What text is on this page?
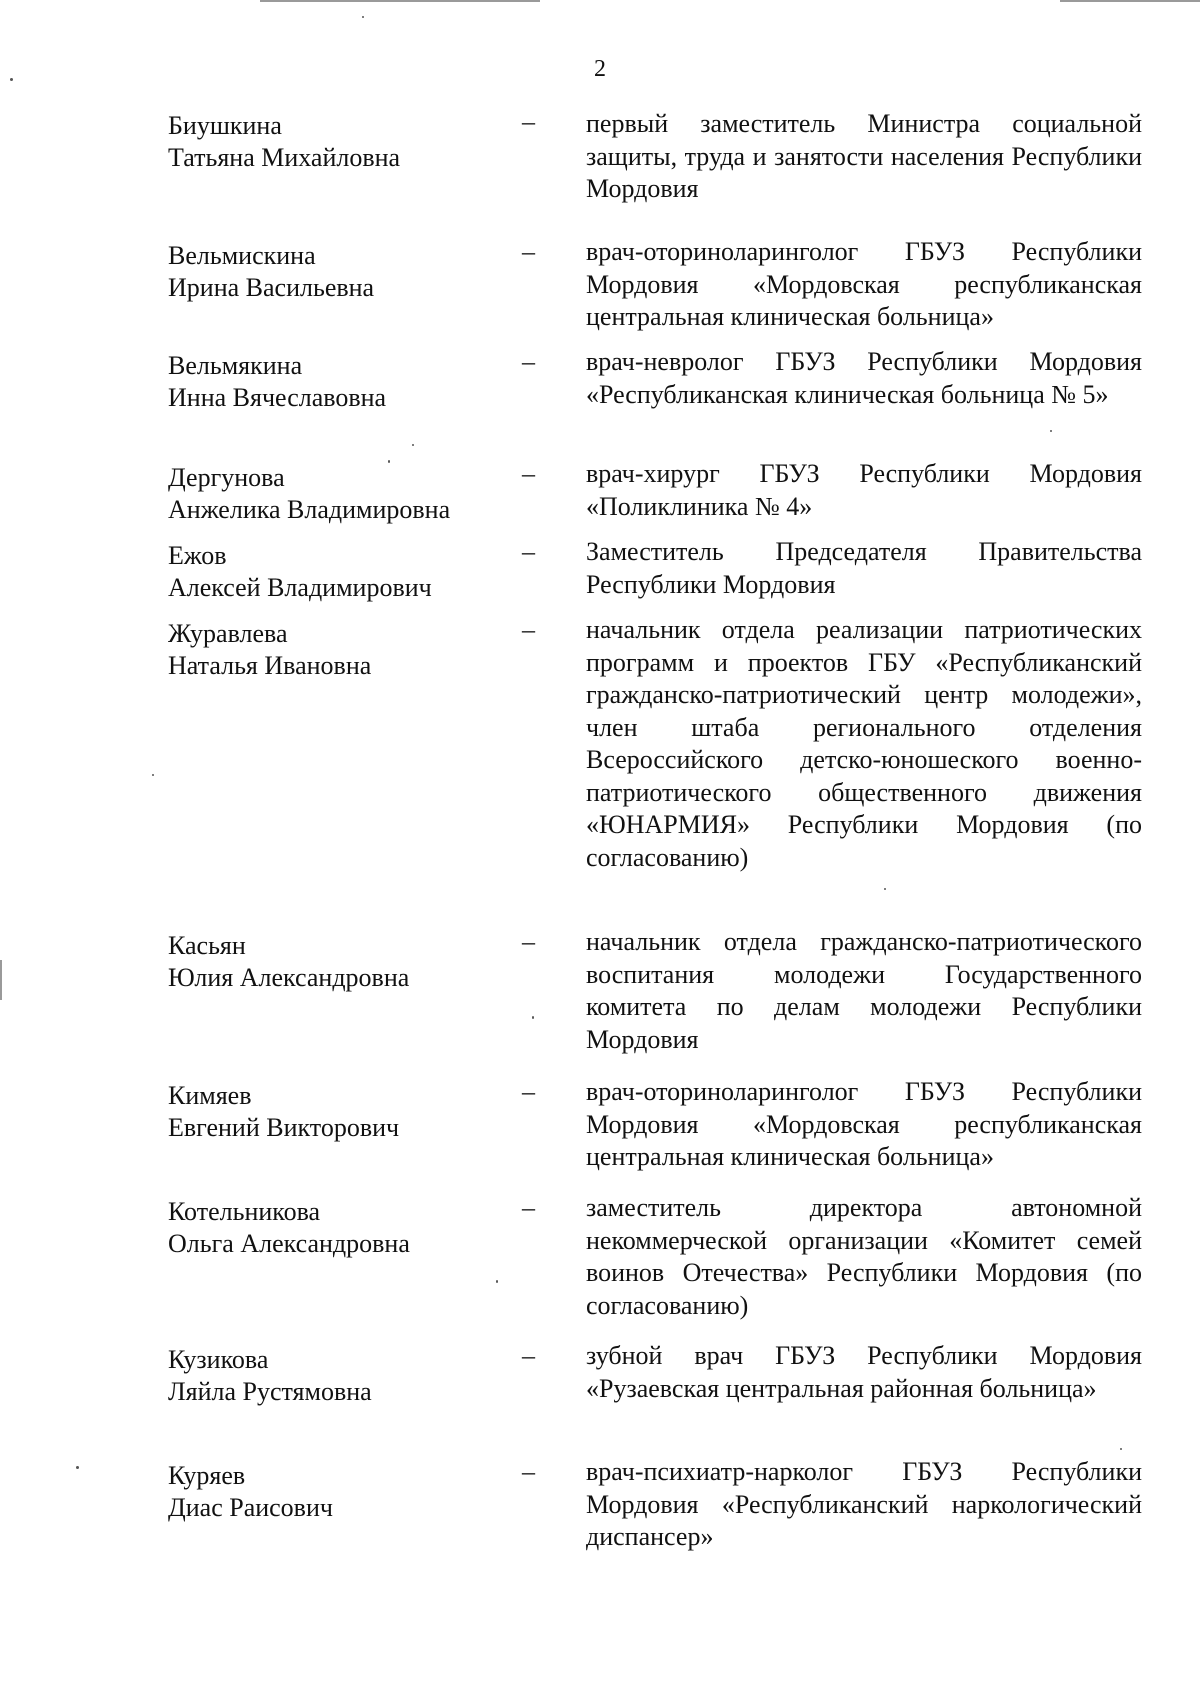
2
Биушкина
Татьяна Михайловна
– первый заместитель Министра социальной защиты, труда и занятости населения Республики Мордовия
Вельмискина
Ирина Васильевна
– врач-оториноларинголог ГБУЗ Республики Мордовия «Мордовская республиканская центральная клиническая больница»
Вельмякина
Инна Вячеславовна
– врач-невролог ГБУЗ Республики Мордовия «Республиканская клиническая больница № 5»
Дергунова
Анжелика Владимировна
– врач-хирург ГБУЗ Республики Мордовия «Поликлиника № 4»
Ежов
Алексей Владимирович
– Заместитель Председателя Правительства Республики Мордовия
Журавлева
Наталья Ивановна
– начальник отдела реализации патриотических программ и проектов ГБУ «Республиканский гражданско-патриотический центр молодежи», член штаба регионального отделения Всероссийского детско-юношеского военно-патриотического общественного движения «ЮНАРМИЯ» Республики Мордовия (по согласованию)
Касьян
Юлия Александровна
– начальник отдела гражданско-патриотического воспитания молодежи Государственного комитета по делам молодежи Республики Мордовия
Кимяев
Евгений Викторович
– врач-оториноларинголог ГБУЗ Республики Мордовия «Мордовская республиканская центральная клиническая больница»
Котельникова
Ольга Александровна
– заместитель директора автономной некоммерческой организации «Комитет семей воинов Отечества» Республики Мордовия (по согласованию)
Кузикова
Ляйла Рустямовна
– зубной врач ГБУЗ Республики Мордовия «Рузаевская центральная районная больница»
Куряев
Диас Раисович
– врач-психиатр-нарколог ГБУЗ Республики Мордовия «Республиканский наркологический диспансер»
